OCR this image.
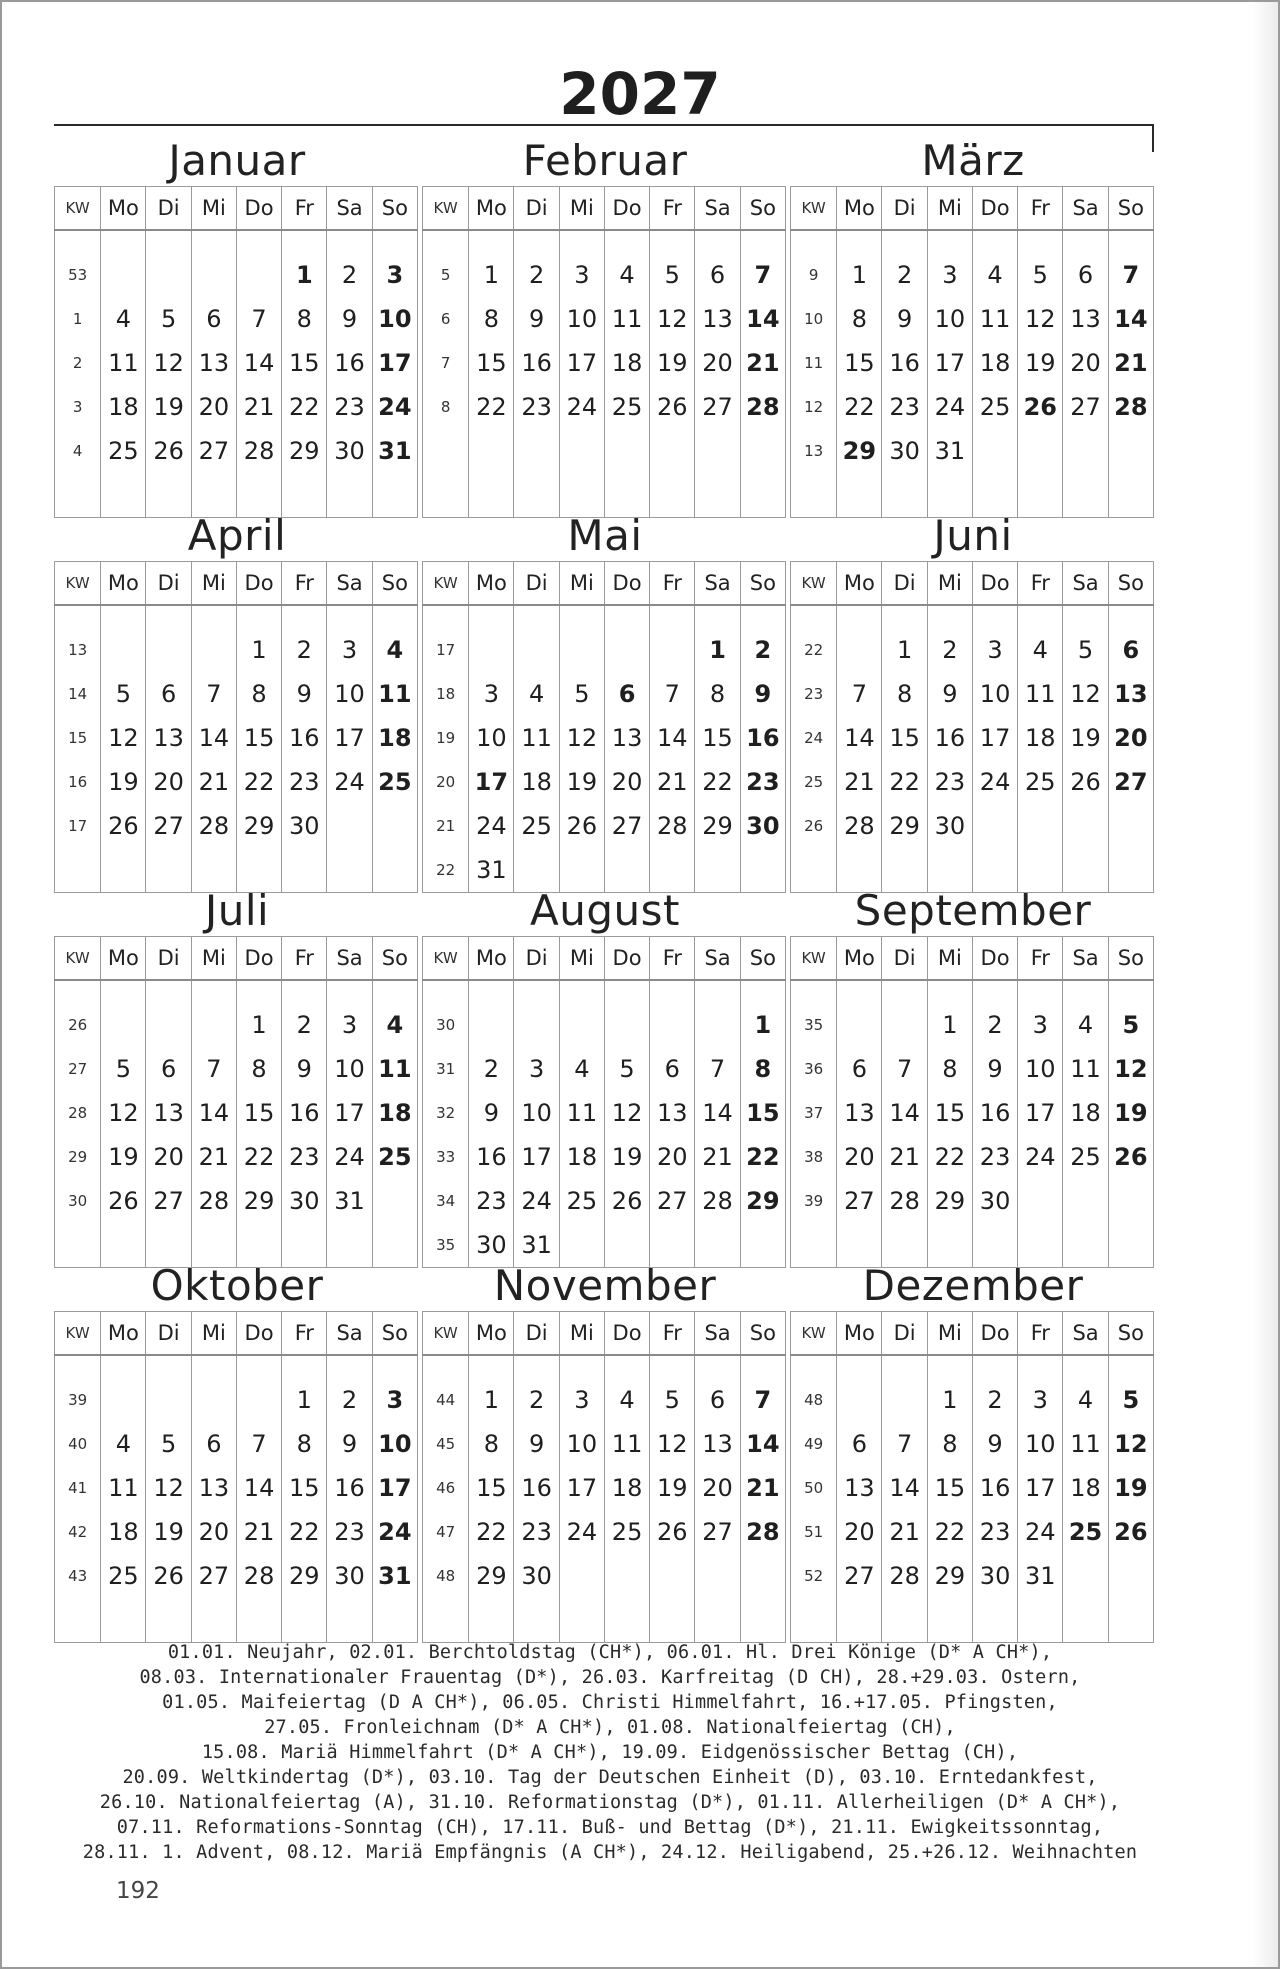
2027
Januar
KW	Mo	Di	Mi	Do	Fr	Sa	So

53					1	2	3
1	4	5	6	7	8	9	10
2	11	12	13	14	15	16	17
3	18	19	20	21	22	23	24
4	25	26	27	28	29	30	31

Februar
KW	Mo	Di	Mi	Do	Fr	Sa	So

5	1	2	3	4	5	6	7
6	8	9	10	11	12	13	14
7	15	16	17	18	19	20	21
8	22	23	24	25	26	27	28

März
KW	Mo	Di	Mi	Do	Fr	Sa	So

9	1	2	3	4	5	6	7
10	8	9	10	11	12	13	14
11	15	16	17	18	19	20	21
12	22	23	24	25	26	27	28
13	29	30	31				

April
KW	Mo	Di	Mi	Do	Fr	Sa	So

13				1	2	3	4
14	5	6	7	8	9	10	11
15	12	13	14	15	16	17	18
16	19	20	21	22	23	24	25
17	26	27	28	29	30		

Mai
KW	Mo	Di	Mi	Do	Fr	Sa	So

17						1	2
18	3	4	5	6	7	8	9
19	10	11	12	13	14	15	16
20	17	18	19	20	21	22	23
21	24	25	26	27	28	29	30
22	31						
Juni
KW	Mo	Di	Mi	Do	Fr	Sa	So

22		1	2	3	4	5	6
23	7	8	9	10	11	12	13
24	14	15	16	17	18	19	20
25	21	22	23	24	25	26	27
26	28	29	30				

Juli
KW	Mo	Di	Mi	Do	Fr	Sa	So

26				1	2	3	4
27	5	6	7	8	9	10	11
28	12	13	14	15	16	17	18
29	19	20	21	22	23	24	25
30	26	27	28	29	30	31	

August
KW	Mo	Di	Mi	Do	Fr	Sa	So

30							1
31	2	3	4	5	6	7	8
32	9	10	11	12	13	14	15
33	16	17	18	19	20	21	22
34	23	24	25	26	27	28	29
35	30	31					
September
KW	Mo	Di	Mi	Do	Fr	Sa	So

35			1	2	3	4	5
36	6	7	8	9	10	11	12
37	13	14	15	16	17	18	19
38	20	21	22	23	24	25	26
39	27	28	29	30			

Oktober
KW	Mo	Di	Mi	Do	Fr	Sa	So

39					1	2	3
40	4	5	6	7	8	9	10
41	11	12	13	14	15	16	17
42	18	19	20	21	22	23	24
43	25	26	27	28	29	30	31

November
KW	Mo	Di	Mi	Do	Fr	Sa	So

44	1	2	3	4	5	6	7
45	8	9	10	11	12	13	14
46	15	16	17	18	19	20	21
47	22	23	24	25	26	27	28
48	29	30					

Dezember
KW	Mo	Di	Mi	Do	Fr	Sa	So

48			1	2	3	4	5
49	6	7	8	9	10	11	12
50	13	14	15	16	17	18	19
51	20	21	22	23	24	25	26
52	27	28	29	30	31		

01.01. Neujahr, 02.01. Berchtoldstag (CH*), 06.01. Hl. Drei Könige (D* A CH*),
08.03. Internationaler Frauentag (D*), 26.03. Karfreitag (D CH), 28.+29.03. Ostern,
01.05. Maifeiertag (D A CH*), 06.05. Christi Himmelfahrt, 16.+17.05. Pfingsten,
27.05. Fronleichnam (D* A CH*), 01.08. Nationalfeiertag (CH),
15.08. Mariä Himmelfahrt (D* A CH*), 19.09. Eidgenössischer Bettag (CH),
20.09. Weltkindertag (D*), 03.10. Tag der Deutschen Einheit (D), 03.10. Erntedankfest,
26.10. Nationalfeiertag (A), 31.10. Reformationstag (D*), 01.11. Allerheiligen (D* A CH*),
07.11. Reformations-Sonntag (CH), 17.11. Buß- und Bettag (D*), 21.11. Ewigkeitssonntag,
28.11. 1. Advent, 08.12. Mariä Empfängnis (A CH*), 24.12. Heiligabend, 25.+26.12. Weihnachten
192
